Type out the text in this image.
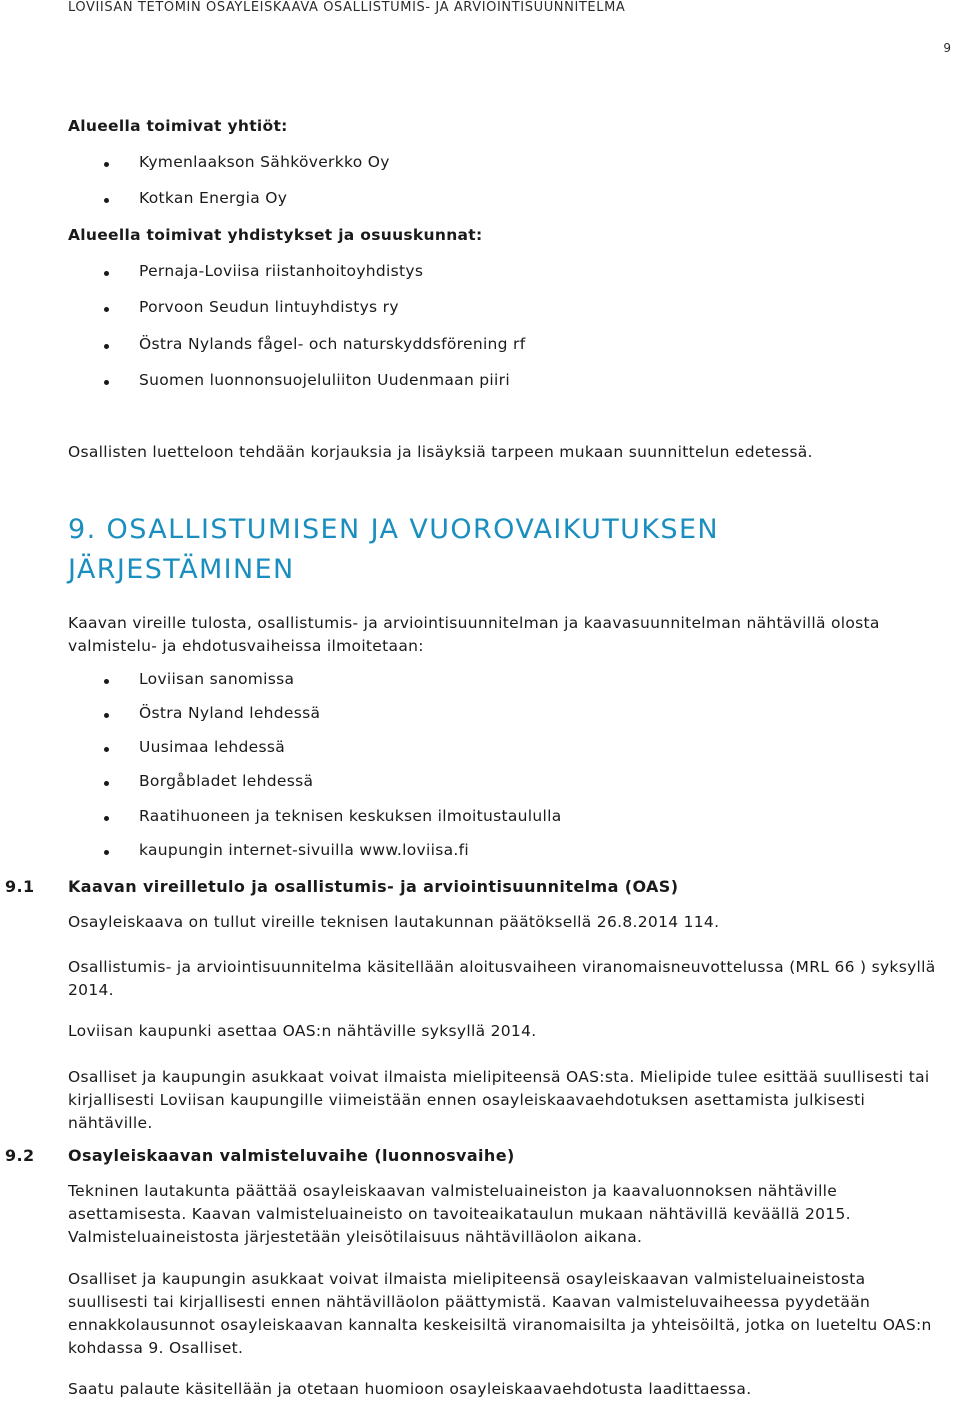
LOVIISAN TETOMIN OSAYLEISKAAVA OSALLISTUMIS- JA ARVIOINTISUUNNITELMA
9
Alueella toimivat yhtiöt:
Kymenlaakson Sähköverkko Oy
Kotkan Energia Oy
Alueella toimivat yhdistykset ja osuuskunnat:
Pernaja-Loviisa riistanhoitoyhdistys
Porvoon Seudun lintuyhdistys ry
Östra Nylands fågel- och naturskyddsförening rf
Suomen luonnonsuojeluliiton Uudenmaan piiri
Osallisten luetteloon tehdään korjauksia ja lisäyksiä tarpeen mukaan suunnittelun edetessä.
9. OSALLISTUMISEN JA VUOROVAIKUTUKSEN
JÄRJESTÄMINEN
Kaavan vireille tulosta, osallistumis- ja arviointisuunnitelman ja kaavasuunnitelman nähtävillä olosta valmistelu- ja ehdotusvaiheissa ilmoitetaan:
Loviisan sanomissa
Östra Nyland lehdessä
Uusimaa lehdessä
Borgåbladet lehdessä
Raatihuoneen ja teknisen keskuksen ilmoitustaululla
kaupungin internet-sivuilla www.loviisa.fi
9.1 Kaavan vireilletulo ja osallistumis- ja arviointisuunnitelma (OAS)
Osayleiskaava on tullut vireille teknisen lautakunnan päätöksellä 26.8.2014 114.
Osallistumis- ja arviointisuunnitelma käsitellään aloitusvaiheen viranomaisneuvottelussa (MRL 66 ) syksyllä 2014.
Loviisan kaupunki asettaa OAS:n nähtäville syksyllä 2014.
Osalliset ja kaupungin asukkaat voivat ilmaista mielipiteensä OAS:sta. Mielipide tulee esittää suullisesti tai kirjallisesti Loviisan kaupungille viimeistään ennen osayleiskaavaehdotuksen asettamista julkisesti nähtäville.
9.2 Osayleiskaavan valmisteluvaihe (luonnosvaihe)
Tekninen lautakunta päättää osayleiskaavan valmisteluaineiston ja kaavaluonnoksen nähtäville asettamisesta. Kaavan valmisteluaineisto on tavoiteaikataulun mukaan nähtävillä keväällä 2015. Valmisteluaineistosta järjestetään yleisötilaisuus nähtävilläolon aikana.
Osalliset ja kaupungin asukkaat voivat ilmaista mielipiteensä osayleiskaavan valmisteluaineistosta suullisesti tai kirjallisesti ennen nähtävilläolon päättymistä. Kaavan valmisteluvaiheessa pyydetään ennakkolausunnot osayleiskaavan kannalta keskeisiltä viranomaisilta ja yhteisöiltä, jotka on lueteltu OAS:n kohdassa 9. Osalliset.
Saatu palaute käsitellään ja otetaan huomioon osayleiskaavaehdotusta laadittaessa.
